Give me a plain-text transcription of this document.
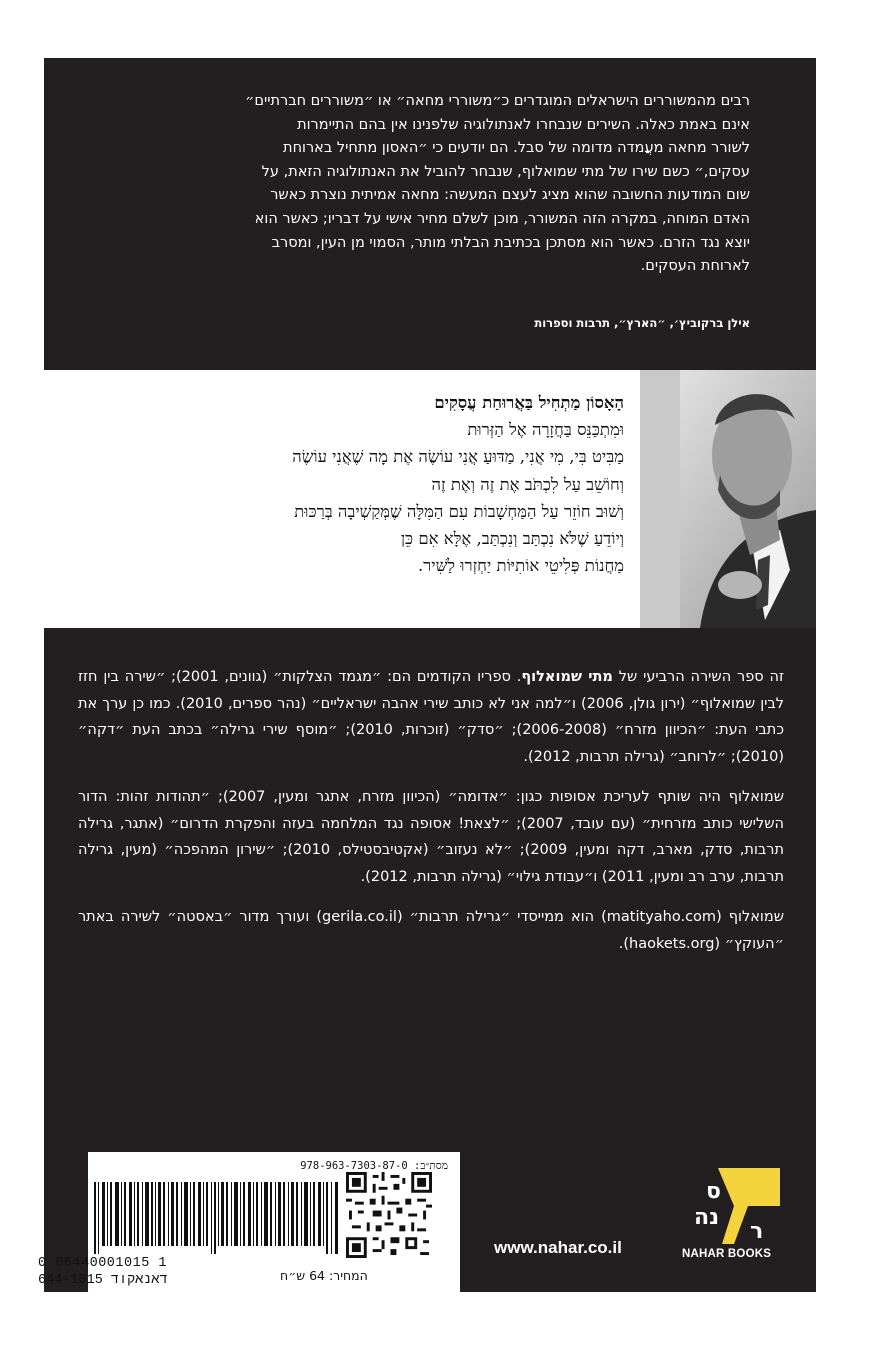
רבים מהמשוררים הישראלים המוגדרים כ״משוררי מחאה״ או ״משוררים חברתיים״
אינם באמת כאלה. השירים שנבחרו לאנתולוגיה שלפנינו אין בהם התיימרות
לשורר מחאה מעֲמדה מדומה של סבל. הם יודעים כי ״האסון מתחיל בארוחת
עסקים,״ כשם שירו של מתי שמואלוף, שנבחר להוביל את האנתולוגיה הזאת, על
שום המודעות החשובה שהוא מציג לעצם המעשה: מחאה אמיתית נוצרת כאשר
האדם המוחה, במקרה הזה המשורר, מוכן לשלם מחיר אישי על דבריו; כאשר הוא
יוצא נגד הזרם. כאשר הוא מסתכן בכתיבת הבלתי מותר, הסמוי מן העין, ומסרב
לארוחת העסקים.
אילן ברקוביץ׳, ״הארץ״, תרבות וספרות

הָאָסוֹן מַתְחִיל בַּאֲרוּחַת עֲסָקִים

וּמִתְכַּנֵּס בַּחֲזָרָה אֶל הַזְּרוּת

מַבִּיט בִּי, מִי אֲנִי, מַדּוּעַ אֲנִי עוֹשֶׂה אֶת מָה שֶׁאֲנִי עוֹשֶׂה

וְחוֹשֵׁב עַל לִכְתֹּב אֶת זֶה וְאֶת זֶה

וְשׁוּב חוֹזֵר עַל הַמַּחְשָׁבוֹת עִם הַמִּלָּה שֶׁמְּקַשְׁיבָה בְּרַכּוּת

וְיוֹדֵעַ שֶׁלֹּא נִכְתַּב וְנִכְתַּב, אֶלָּא אִם כֵּן

מַחֲנוֹת פְּלִיטֵי אוֹתִיּוֹת יַחְזְרוּ לַשִּׁיר.

זה ספר השירה הרביעי של מתי שמואלוף. ספריו הקודמים הם: ״מגמד הצלקות״ (גוונים, 2001); ״שירה בין חזז לבין שמואלוף״ (ירון גולן, 2006) ו״למה אני לא כותב שירי אהבה ישראליים״ (נהר ספרים, 2010). כמו כן ערך את כתבי העת: ״הכיוון מזרח״ (2006-2008); ״סדק״ (זוכרות, 2010); ״מוסף שירי גרילה״ בכתב העת ״דקה״ (2010); ״לרוחב״ (גרילה תרבות, 2012).

שמואלוף היה שותף לעריכת אסופות כגון: ״אדומה״ (הכיוון מזרח, אתגר ומעין, 2007); ״תהודות זהות: הדור השלישי כותב מזרחית״ (עם עובד, 2007); ״לצאת! אסופה נגד המלחמה בעזה והפקרת הדרום״ (אתגר, גרילה תרבות, סדק, מארב, דקה ומעין, 2009); ״לא נעזוב״ (אקטיבסטילס, 2010); ״שירון המהפכה״ (מעין, גרילה תרבות, ערב רב ומעין, 2011) ו״עבודת גילוי״ (גרילה תרבות, 2012).

שמואלוף (matityaho.com) הוא ממייסדי ״גרילה תרבות״ (gerila.co.il) ועורך מדור ״באסטה״ לשירה באתר ״העוקץ״ (haokets.org).

מסת״ב: 978-963-7303-87-0
0 06440001015 1
644-1015 דאנאקוד	המחיר: 64 ש״ח
www.nahar.co.il
ס
נה
ר
NAHAR BOOKS
